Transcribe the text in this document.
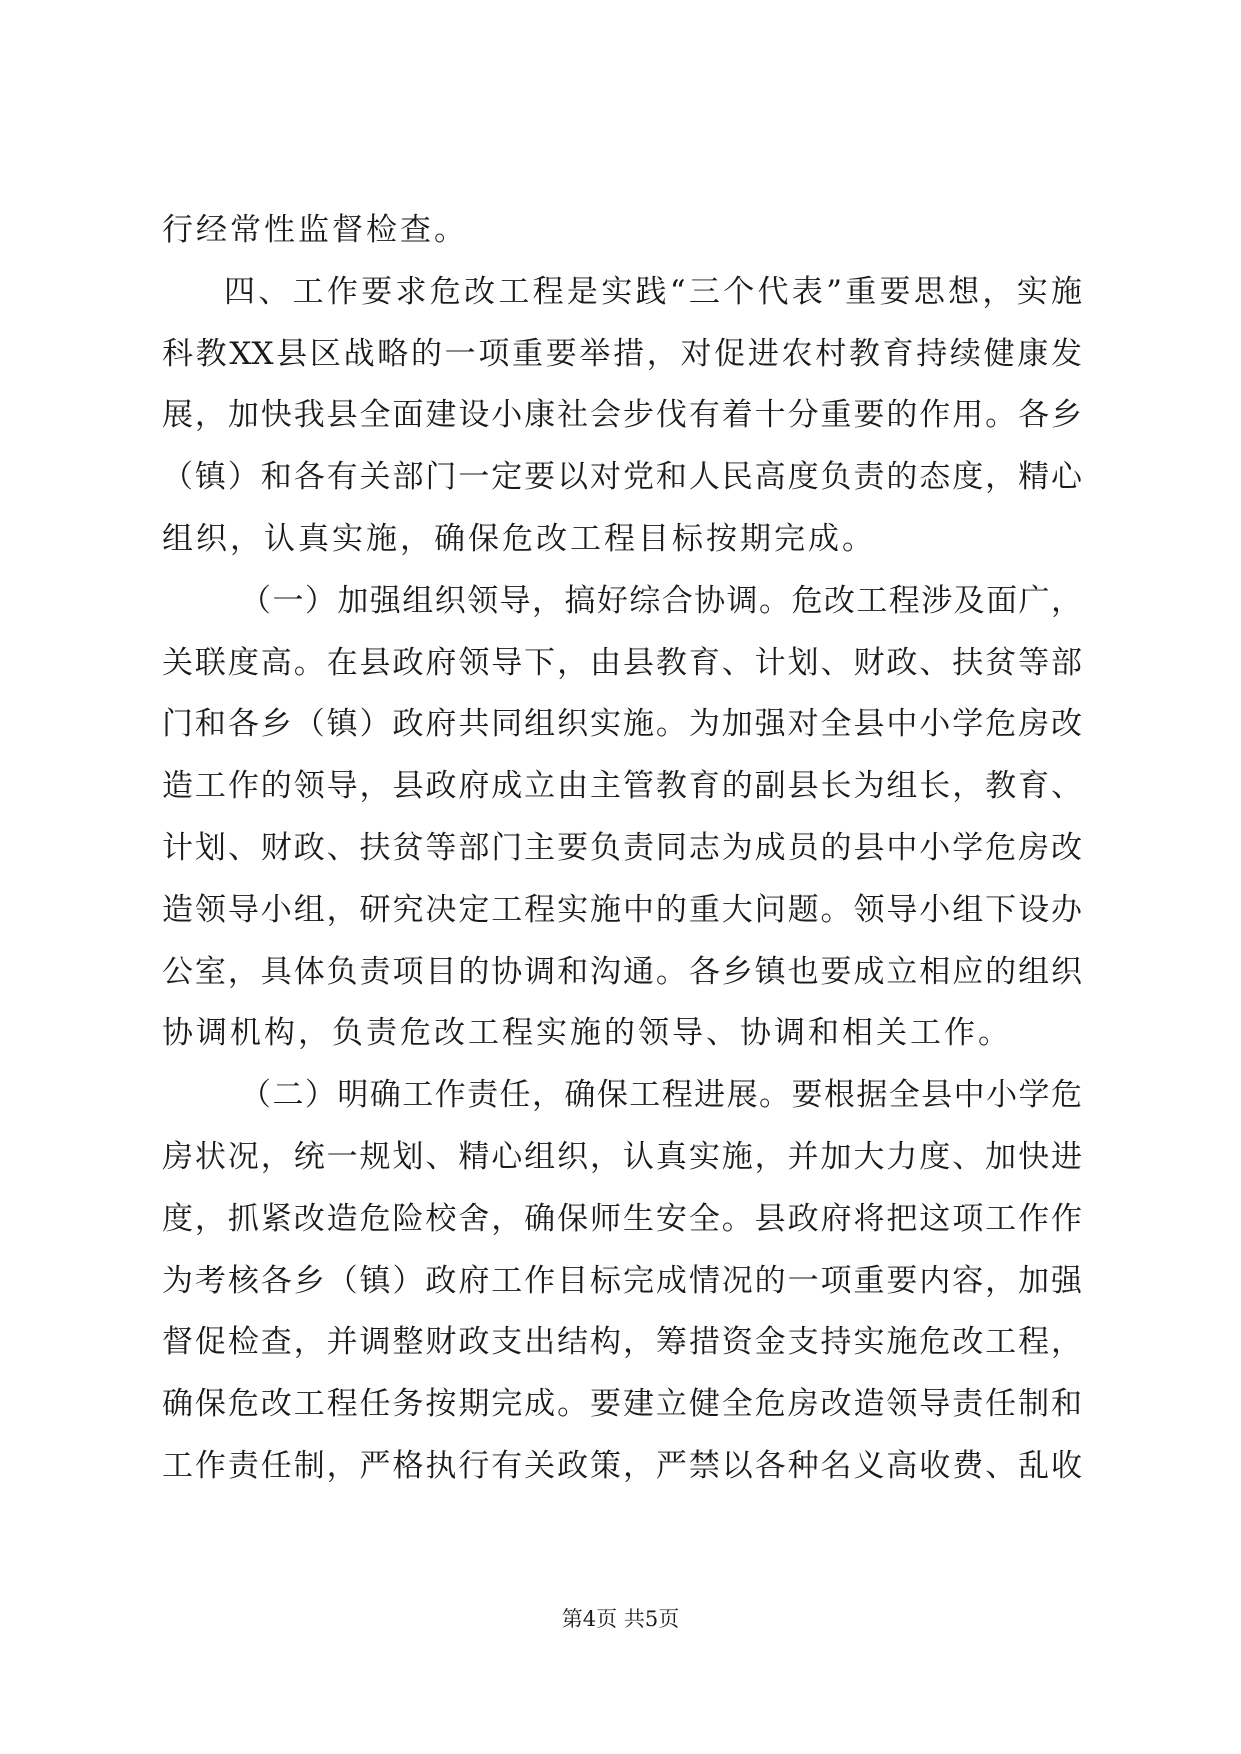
行经常性监督检查。
四、工作要求危改工程是实践“三个代表”重要思想，实施
科教XX县区战略的一项重要举措，对促进农村教育持续健康发
展，加快我县全面建设小康社会步伐有着十分重要的作用。各乡
（镇）和各有关部门一定要以对党和人民高度负责的态度，精心
组织，认真实施，确保危改工程目标按期完成。
（一）加强组织领导，搞好综合协调。危改工程涉及面广，
关联度高。在县政府领导下，由县教育、计划、财政、扶贫等部
门和各乡（镇）政府共同组织实施。为加强对全县中小学危房改
造工作的领导，县政府成立由主管教育的副县长为组长，教育、
计划、财政、扶贫等部门主要负责同志为成员的县中小学危房改
造领导小组，研究决定工程实施中的重大问题。领导小组下设办
公室，具体负责项目的协调和沟通。各乡镇也要成立相应的组织
协调机构，负责危改工程实施的领导、协调和相关工作。
（二）明确工作责任，确保工程进展。要根据全县中小学危
房状况，统一规划、精心组织，认真实施，并加大力度、加快进
度，抓紧改造危险校舍，确保师生安全。县政府将把这项工作作
为考核各乡（镇）政府工作目标完成情况的一项重要内容，加强
督促检查，并调整财政支出结构，筹措资金支持实施危改工程，
确保危改工程任务按期完成。要建立健全危房改造领导责任制和
工作责任制，严格执行有关政策，严禁以各种名义高收费、乱收
第4页 共5页
